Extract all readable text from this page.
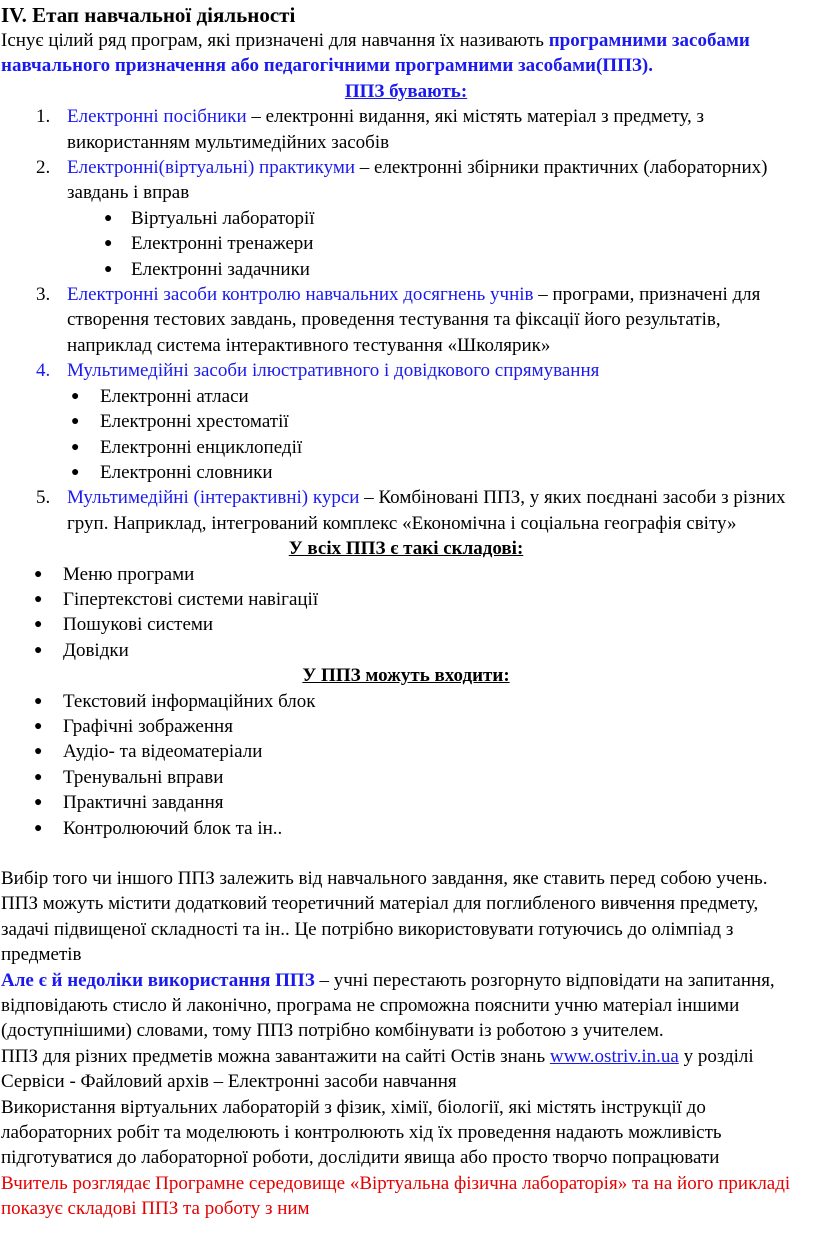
IV. Етап навчальної діяльності

Існує цілий ряд програм, які призначені для навчання їх називають програмними засобами навчального призначення або педагогічними програмними засобами(ППЗ).

ППЗ бувають:
1. Електронні посібники – електронні видання, які містять матеріал з предмету, з використанням мультимедійних засобів
2. Електронні(віртуальні) практикуми – електронні збірники практичних (лабораторних) завдань і вправ
● Віртуальні лабораторії
● Електронні тренажери
● Електронні задачники
3. Електронні засоби контролю навчальних досягнень учнів – програми, призначені для створення тестових завдань, проведення тестування та фіксації його результатів, наприклад система інтерактивного тестування «Школярик»
4. Мультимедійні засоби ілюстративного і довідкового спрямування
● Електронні атласи
● Електронні хрестоматії
● Електронні енциклопедії
● Електронні словники
5. Мультимедійні (інтерактивні) курси – Комбіновані ППЗ, у яких поєднані засоби з різних груп. Наприклад, інтегрований комплекс «Економічна і соціальна географія світу»
У всіх ППЗ є такі складові:
● Меню програми
● Гіпертекстові системи навігації
● Пошукові системи
● Довідки
У ППЗ можуть входити:
● Текстовий інформаційних блок
● Графічні зображення
● Аудіо- та відеоматеріали
● Тренувальні вправи
● Практичні завдання
● Контролюючий блок та ін..

Вибір того чи іншого ППЗ залежить від навчального завдання, яке ставить перед собою учень.

ППЗ можуть містити додатковий теоретичний матеріал для поглибленого вивчення предмету, задачі підвищеної складності та ін.. Це потрібно використовувати готуючись до олімпіад з предметів

Але є й недоліки використання ППЗ – учні перестають розгорнуто відповідати на запитання, відповідають стисло й лаконічно, програма не спроможна пояснити учню матеріал іншими (доступнішими) словами, тому ППЗ потрібно комбінувати із роботою з учителем.

ППЗ для різних предметів можна завантажити на сайті Остів знань www.ostriv.in.ua у розділі Сервіси - Файловий архів – Електронні засоби навчання

Використання віртуальних лабораторій з фізик, хімії, біології, які містять інструкції до лабораторних робіт та моделюють і контролюють хід їх проведення надають можливість підготуватися до лабораторної роботи, дослідити явища або просто творчо попрацювати

Вчитель розглядає Програмне середовище «Віртуальна фізична лабораторія» та на його прикладі показує складові ППЗ та роботу з ним
